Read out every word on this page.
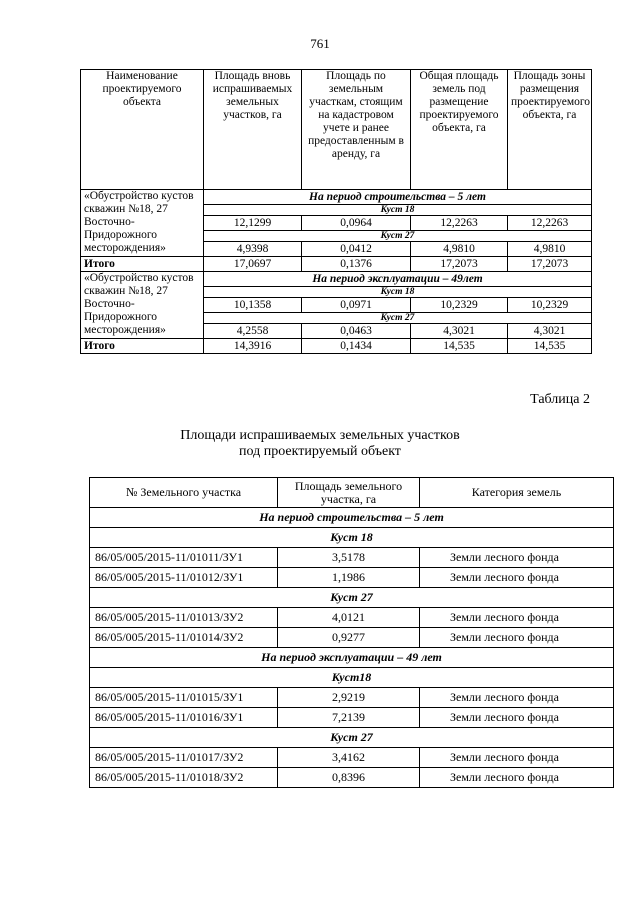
761
Наименование проектируемого объекта	Площадь вновь испрашиваемых земельных участков, га	Площадь по земельным участкам, стоящим на кадастровом учете и ранее предоставленным в аренду, га	Общая площадь земель под размещение проектируемого объекта, га	Площадь зоны размещения проектируемого объекта, га
«Обустройство кустов скважин №18, 27 Восточно-Придорожного месторождения»	На период строительства – 5 лет			
	Куст 18			
	12,1299	0,0964	12,2263	12,2263
	Куст 27			
	4,9398	0,0412	4,9810	4,9810
Итого	17,0697	0,1376	17,2073	17,2073
«Обустройство кустов скважин №18, 27 Восточно-Придорожного месторождения»	На период эксплуатации – 49лет			
	Куст 18			
	10,1358	0,0971	10,2329	10,2329
	Куст 27			
	4,2558	0,0463	4,3021	4,3021
Итого	14,3916	0,1434	14,535	14,535
Таблица 2
Площади испрашиваемых земельных участков
под проектируемый объект
№ Земельного участка	Площадь земельного участка, га	Категория земель
На период строительства – 5 лет		
Куст 18		
86/05/005/2015-11/01011/ЗУ1	3,5178	Земли лесного фонда
86/05/005/2015-11/01012/ЗУ1	1,1986	Земли лесного фонда
Куст 27		
86/05/005/2015-11/01013/ЗУ2	4,0121	Земли лесного фонда
86/05/005/2015-11/01014/ЗУ2	0,9277	Земли лесного фонда
На период эксплуатации – 49 лет		
Куст18		
86/05/005/2015-11/01015/ЗУ1	2,9219	Земли лесного фонда
86/05/005/2015-11/01016/ЗУ1	7,2139	Земли лесного фонда
Куст 27		
86/05/005/2015-11/01017/ЗУ2	3,4162	Земли лесного фонда
86/05/005/2015-11/01018/ЗУ2	0,8396	Земли лесного фонда
